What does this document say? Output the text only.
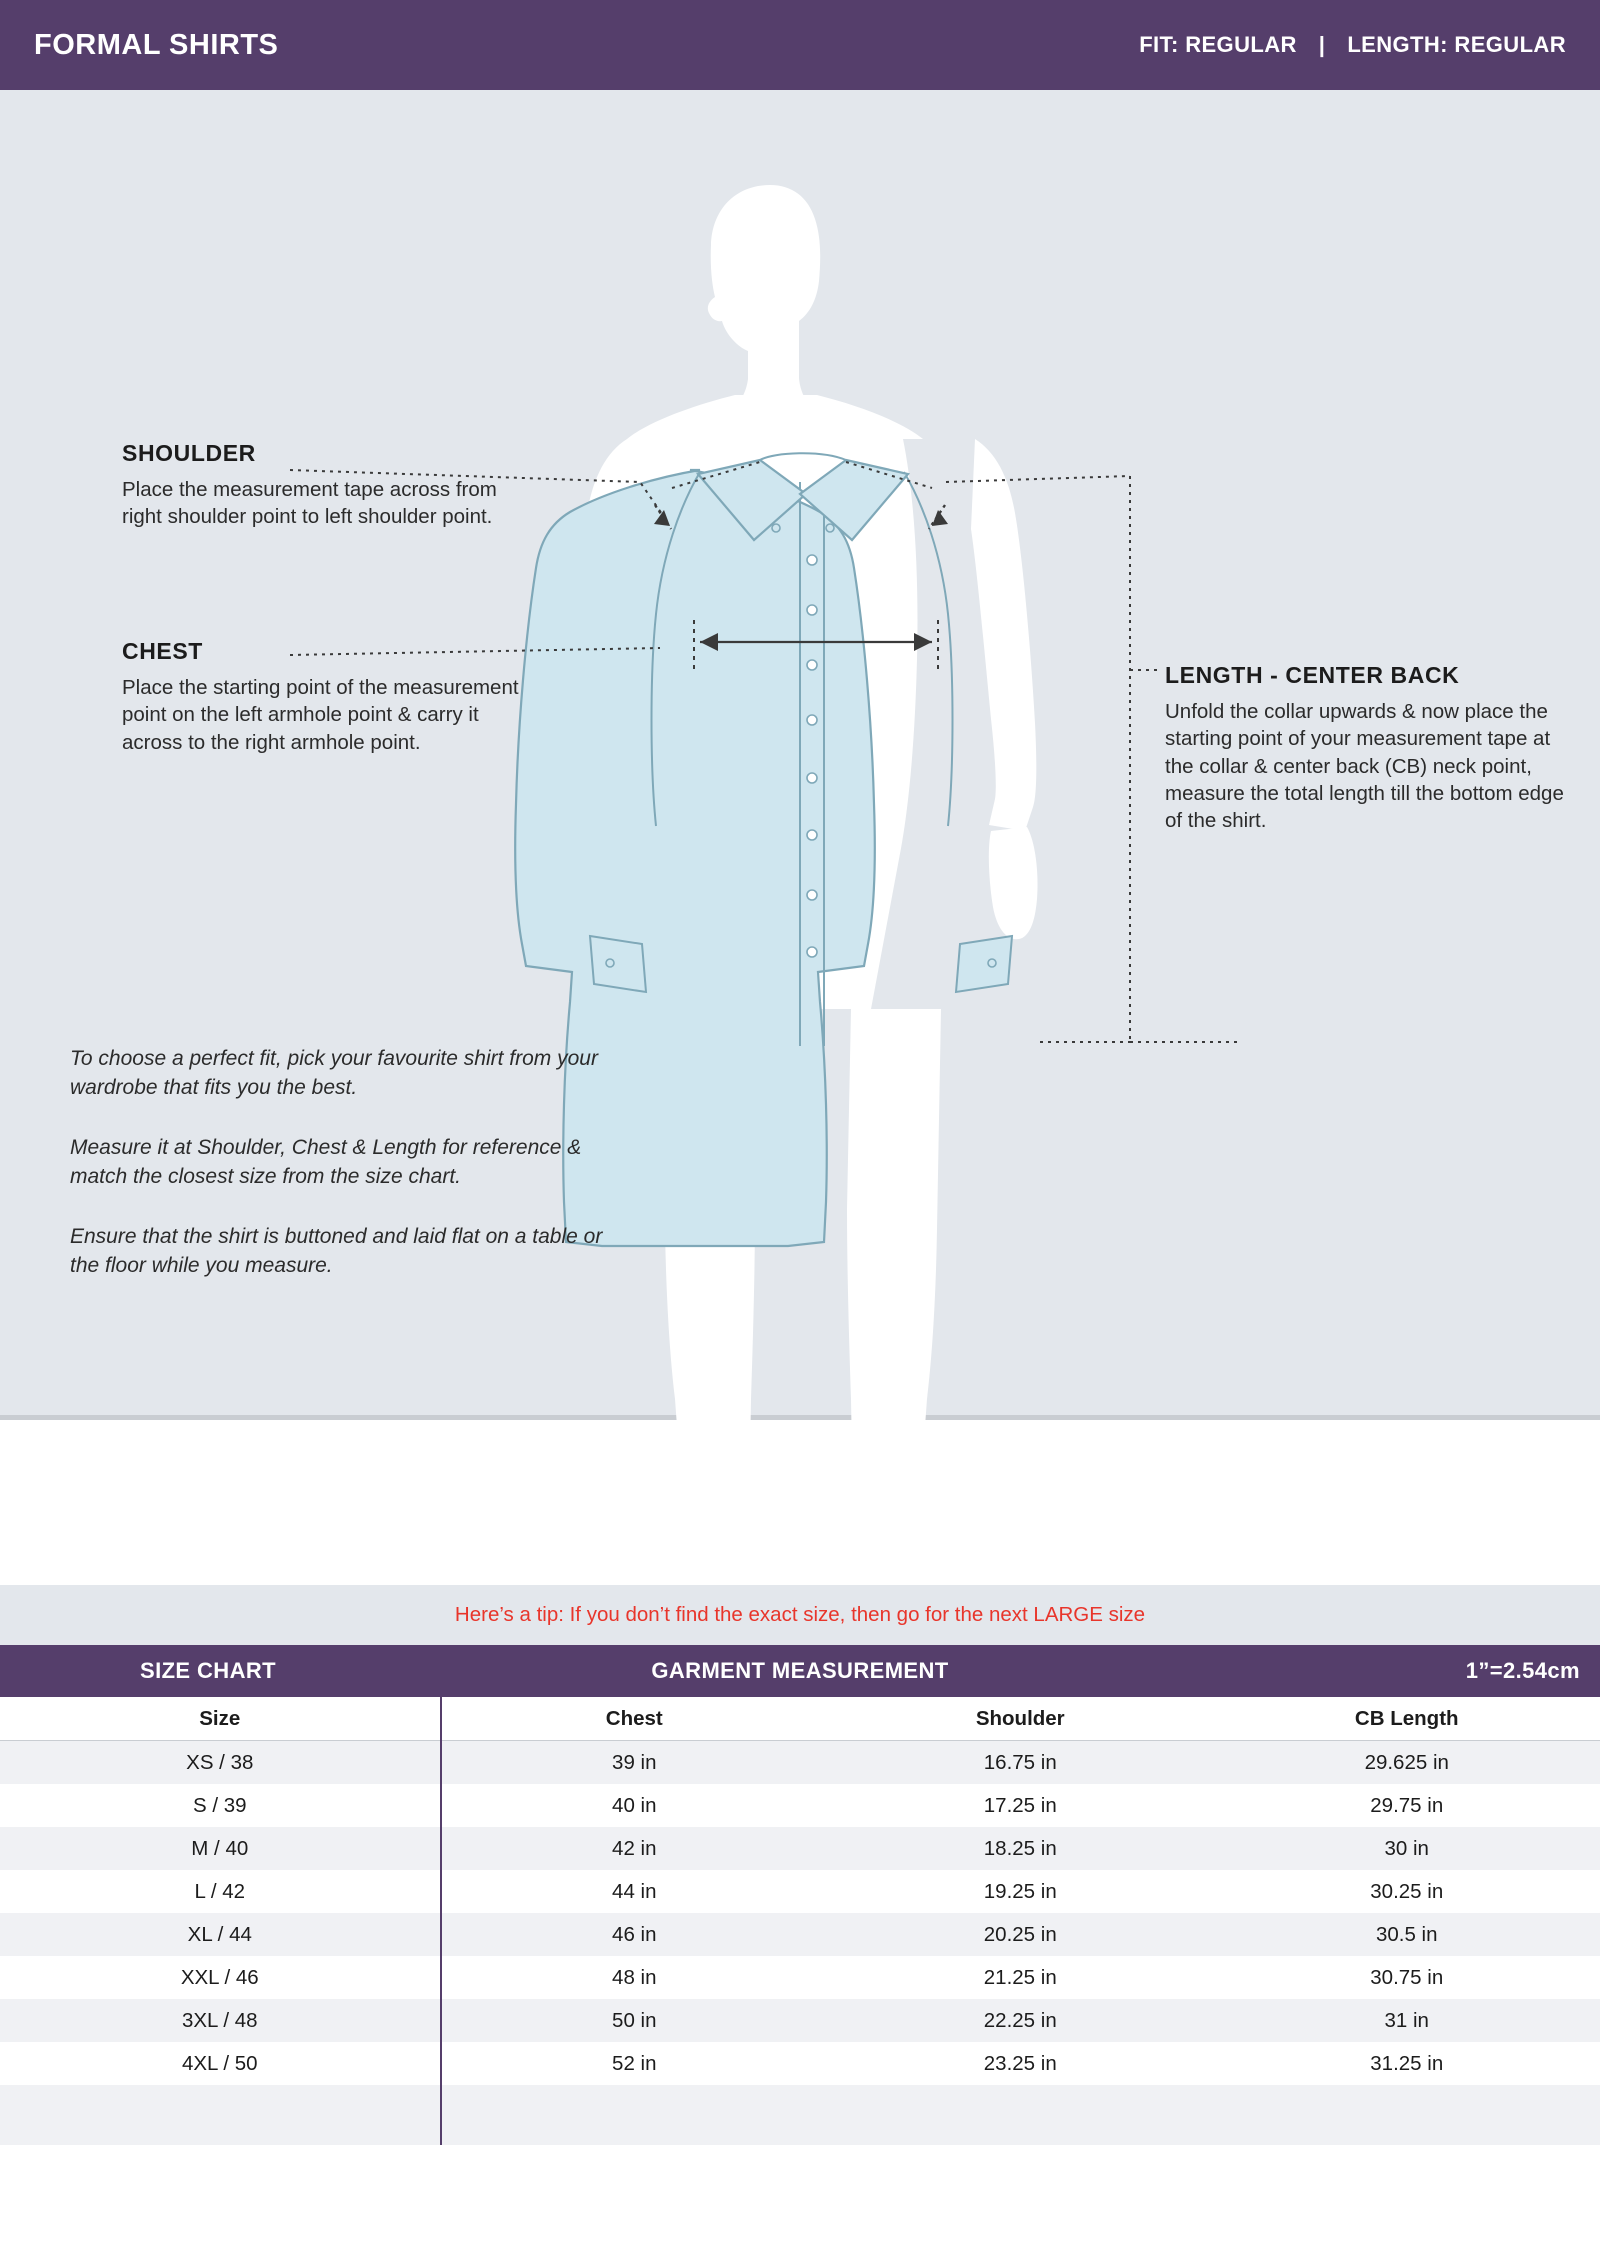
FORMAL SHIRTS	FIT: REGULAR | LENGTH: REGULAR

SHOULDER

Place the measurement tape across from right shoulder point to left shoulder point.

CHEST

Place the starting point of the measurement point on the left armhole point & carry it across to the right armhole point.

LENGTH - CENTER BACK

Unfold the collar upwards & now place the starting point of your measurement tape at the collar & center back (CB) neck point, measure the total length till the bottom edge of the shirt.

To choose a perfect fit, pick your favourite shirt from your wardrobe that fits you the best.

Measure it at Shoulder, Chest & Length for reference & match the closest size from the size chart.

Ensure that the shirt is buttoned and laid flat on a table or the floor while you measure.

Here’s a tip: If you don’t find the exact size, then go for the next LARGE size
SIZE CHART	GARMENT MEASUREMENT	1”=2.54cm
Size	Chest	Shoulder	CB Length
XS / 38	39 in	16.75 in	29.625 in
S / 39	40 in	17.25 in	29.75 in
M / 40	42 in	18.25 in	30 in
L / 42	44 in	19.25 in	30.25 in
XL / 44	46 in	20.25 in	30.5 in
XXL / 46	48 in	21.25 in	30.75 in
3XL / 48	50 in	22.25 in	31 in
4XL / 50	52 in	23.25 in	31.25 in
